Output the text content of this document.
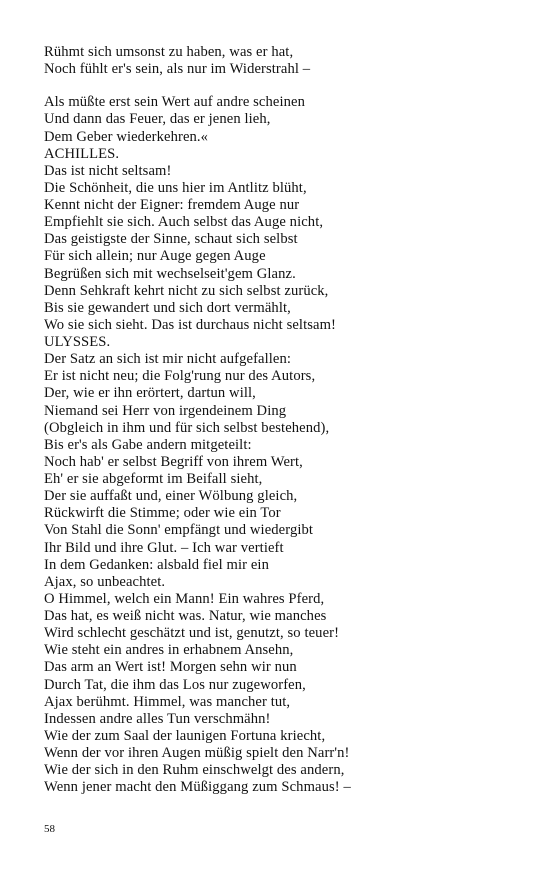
Rühmt sich umsonst zu haben, was er hat,
Noch fühlt er's sein, als nur im Widerstrahl –
Als müßte erst sein Wert auf andre scheinen
Und dann das Feuer, das er jenen lieh,
Dem Geber wiederkehren.«
ACHILLES.
Das ist nicht seltsam!
Die Schönheit, die uns hier im Antlitz blüht,
Kennt nicht der Eigner: fremdem Auge nur
Empfiehlt sie sich. Auch selbst das Auge nicht,
Das geistigste der Sinne, schaut sich selbst
Für sich allein; nur Auge gegen Auge
Begrüßen sich mit wechselseit'gem Glanz.
Denn Sehkraft kehrt nicht zu sich selbst zurück,
Bis sie gewandert und sich dort vermählt,
Wo sie sich sieht. Das ist durchaus nicht seltsam!
ULYSSES.
Der Satz an sich ist mir nicht aufgefallen:
Er ist nicht neu; die Folg'rung nur des Autors,
Der, wie er ihn erörtert, dartun will,
Niemand sei Herr von irgendeinem Ding
(Obgleich in ihm und für sich selbst bestehend),
Bis er's als Gabe andern mitgeteilt:
Noch hab' er selbst Begriff von ihrem Wert,
Eh' er sie abgeformt im Beifall sieht,
Der sie auffaßt und, einer Wölbung gleich,
Rückwirft die Stimme; oder wie ein Tor
Von Stahl die Sonn' empfängt und wiedergibt
Ihr Bild und ihre Glut. – Ich war vertieft
In dem Gedanken: alsbald fiel mir ein
Ajax, so unbeachtet.
O Himmel, welch ein Mann! Ein wahres Pferd,
Das hat, es weiß nicht was. Natur, wie manches
Wird schlecht geschätzt und ist, genutzt, so teuer!
Wie steht ein andres in erhabnem Ansehn,
Das arm an Wert ist! Morgen sehn wir nun
Durch Tat, die ihm das Los nur zugeworfen,
Ajax berühmt. Himmel, was mancher tut,
Indessen andre alles Tun verschmähn!
Wie der zum Saal der launigen Fortuna kriecht,
Wenn der vor ihren Augen müßig spielt den Narr'n!
Wie der sich in den Ruhm einschwelgt des andern,
Wenn jener macht den Müßiggang zum Schmaus! –
58
